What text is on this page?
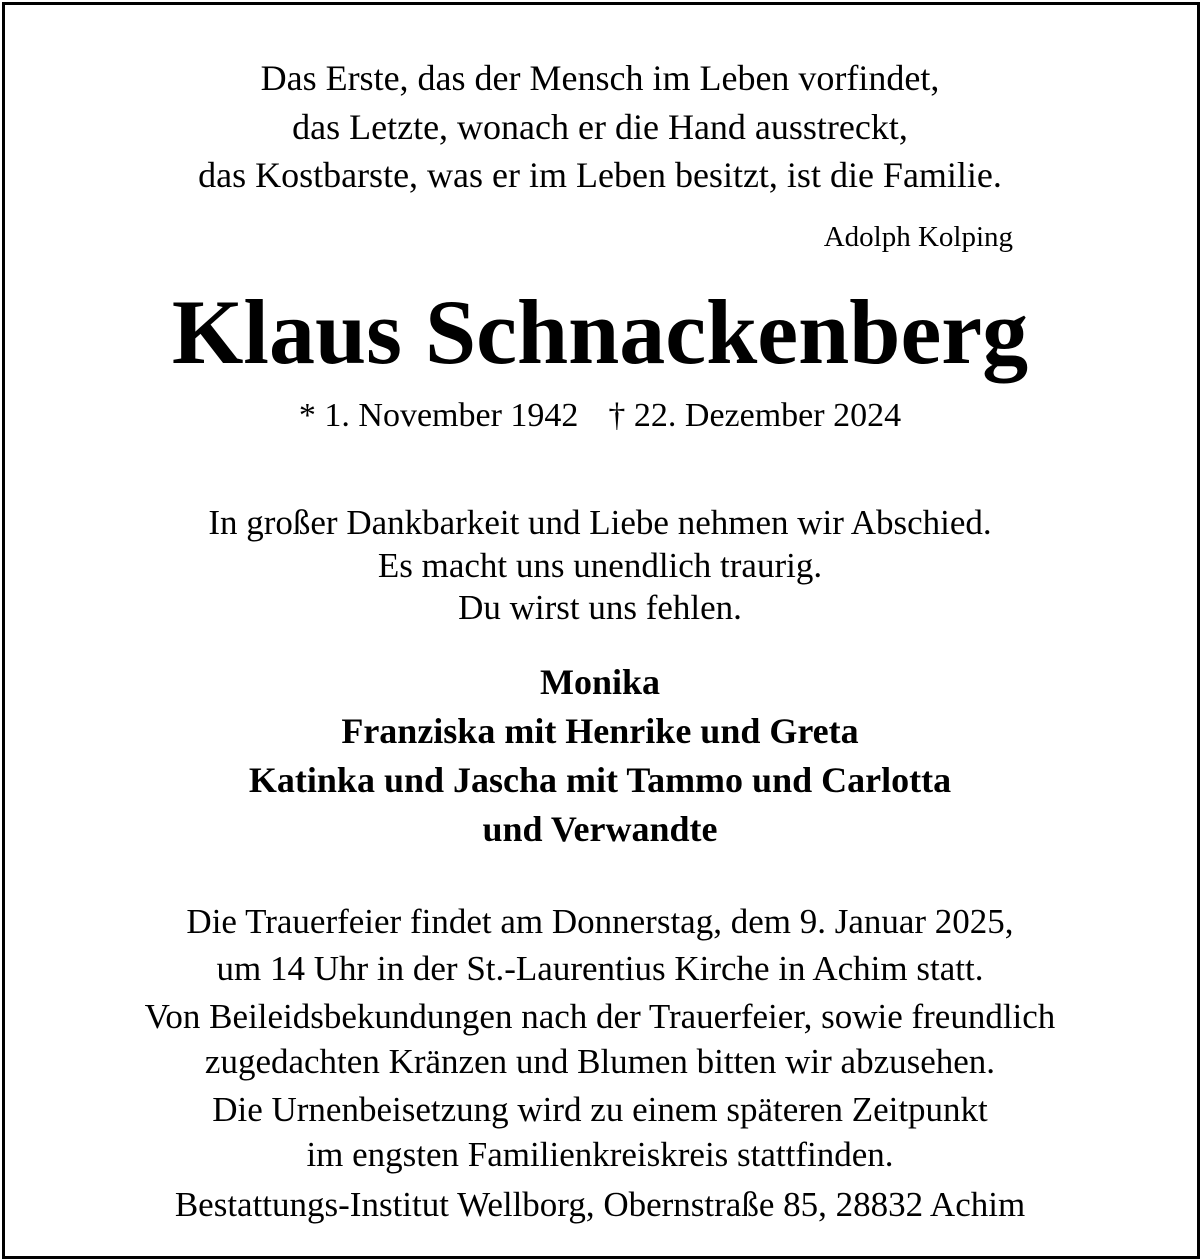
Das Erste, das der Mensch im Leben vorfindet,
das Letzte, wonach er die Hand ausstreckt,
das Kostbarste, was er im Leben besitzt, ist die Familie.
Adolph Kolping
Klaus Schnackenberg
* 1. November 1942 † 22. Dezember 2024
In großer Dankbarkeit und Liebe nehmen wir Abschied.
Es macht uns unendlich traurig.
Du wirst uns fehlen.
Monika
Franziska mit Henrike und Greta
Katinka und Jascha mit Tammo und Carlotta
und Verwandte
Die Trauerfeier findet am Donnerstag, dem 9. Januar 2025,
um 14 Uhr in der St.-Laurentius Kirche in Achim statt.
Von Beileidsbekundungen nach der Trauerfeier, sowie freundlich
zugedachten Kränzen und Blumen bitten wir abzusehen.
Die Urnenbeisetzung wird zu einem späteren Zeitpunkt
im engsten Familienkreiskreis stattfinden.
Bestattungs-Institut Wellborg, Obernstraße 85, 28832 Achim
